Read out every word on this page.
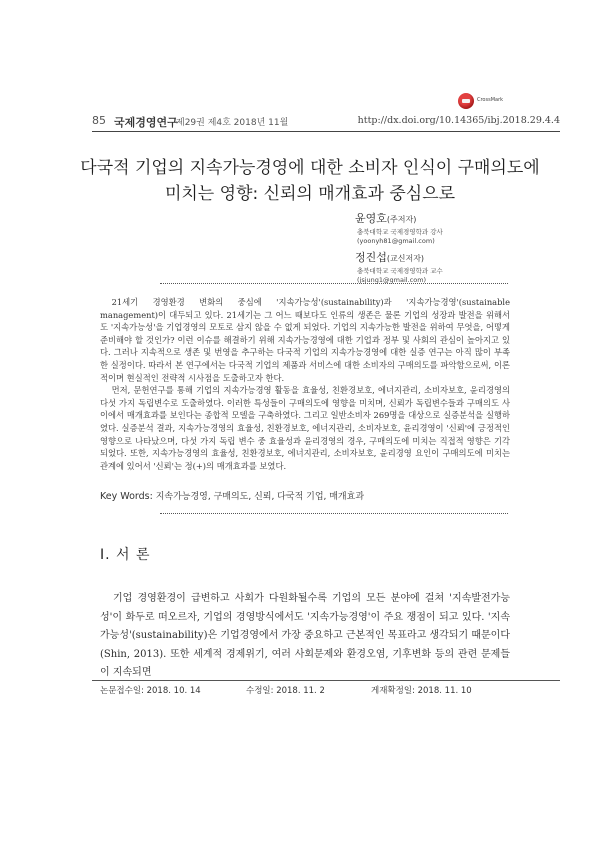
CrossMark
85 국제경영연구
제29권 제4호 2018년 11월	http://dx.doi.org/10.14365/ibj.2018.29.4.4
다국적 기업의 지속가능경영에 대한 소비자 인식이 구매의도에
미치는 영향: 신뢰의 매개효과 중심으로
윤영호(주저자)
충북대학교 국제경영학과 강사
(yoonyh81@gmail.com)
정진섭(교신저자)
충북대학교 국제경영학과 교수
(jsjung1@gmail.com)

21세기 경영환경 변화의 중심에 '지속가능성'(sustainability)과 '지속가능경영'(sustainable management)이 대두되고 있다. 21세기는 그 어느 때보다도 인류의 생존은 물론 기업의 성장과 발전을 위해서도 '지속가능성'을 기업경영의 모토로 삼지 않을 수 없게 되었다. 기업의 지속가능한 발전을 위하여 무엇을, 어떻게 준비해야 할 것인가? 이런 이슈를 해결하기 위해 지속가능경영에 대한 기업과 정부 및 사회의 관심이 높아지고 있다. 그러나 지속적으로 생존 및 번영을 추구하는 다국적 기업의 지속가능경영에 대한 실증 연구는 아직 많이 부족한 실정이다. 따라서 본 연구에서는 다국적 기업의 제품과 서비스에 대한 소비자의 구매의도를 파악함으로써, 이론적이며 현실적인 전략적 시사점을 도출하고자 한다.

먼저, 문헌연구를 통해 기업의 지속가능경영 활동을 효율성, 친환경보호, 에너지관리, 소비자보호, 윤리경영의 다섯 가지 독립변수로 도출하였다. 이러한 특성들이 구매의도에 영향을 미치며, 신뢰가 독립변수들과 구매의도 사이에서 매개효과를 보인다는 종합적 모델을 구축하였다. 그리고 일반소비자 269명을 대상으로 실증분석을 실행하였다. 실증분석 결과, 지속가능경영의 효율성, 친환경보호, 에너지관리, 소비자보호, 윤리경영이 '신뢰'에 긍정적인 영향으로 나타났으며, 다섯 가지 독립 변수 중 효율성과 윤리경영의 경우, 구매의도에 미치는 직접적 영향은 기각되었다. 또한, 지속가능경영의 효율성, 친환경보호, 에너지관리, 소비자보호, 윤리경영 요인이 구매의도에 미치는 관계에 있어서 '신뢰'는 정(+)의 매개효과를 보였다.

Key Words: 지속가능경영, 구매의도, 신뢰, 다국적 기업, 매개효과
Ⅰ. 서 론

기업 경영환경이 급변하고 사회가 다원화될수록 기업의 모든 분야에 걸쳐 '지속발전가능성'이 화두로 떠오르자, 기업의 경영방식에서도 '지속가능경영'이 주요 쟁점이 되고 있다. '지속가능성'(sustainability)은 기업경영에서 가장 중요하고 근본적인 목표라고 생각되기 때문이다(Shin, 2013). 또한 세계적 경제위기, 여러 사회문제와 환경오염, 기후변화 등의 관련 문제들이 지속되면

논문접수일: 2018. 10. 14	수정일: 2018. 11. 2	게재확정일: 2018. 11. 10
